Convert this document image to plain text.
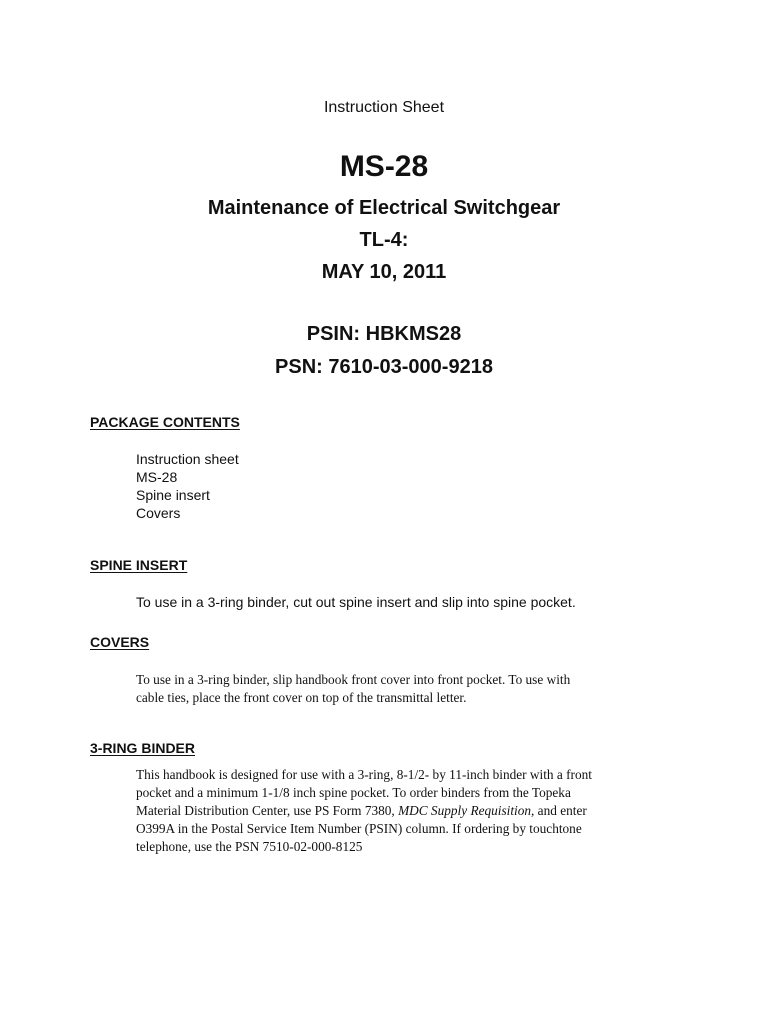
Instruction Sheet
MS-28
Maintenance of Electrical Switchgear
TL-4:
MAY 10, 2011
PSIN: HBKMS28
PSN: 7610-03-000-9218
PACKAGE CONTENTS
Instruction sheet
MS-28
Spine insert
Covers
SPINE INSERT
To use in a 3-ring binder, cut out spine insert and slip into spine pocket.
COVERS

To use in a 3-ring binder, slip handbook front cover into front pocket. To use with
cable ties, place the front cover on top of the transmittal letter.

3-RING BINDER

This handbook is designed for use with a 3-ring, 8-1/2- by 11-inch binder with a front
pocket and a minimum 1-1/8 inch spine pocket. To order binders from the Topeka
Material Distribution Center, use PS Form 7380, MDC Supply Requisition, and enter
O399A in the Postal Service Item Number (PSIN) column. If ordering by touchtone
telephone, use the PSN 7510-02-000-8125
